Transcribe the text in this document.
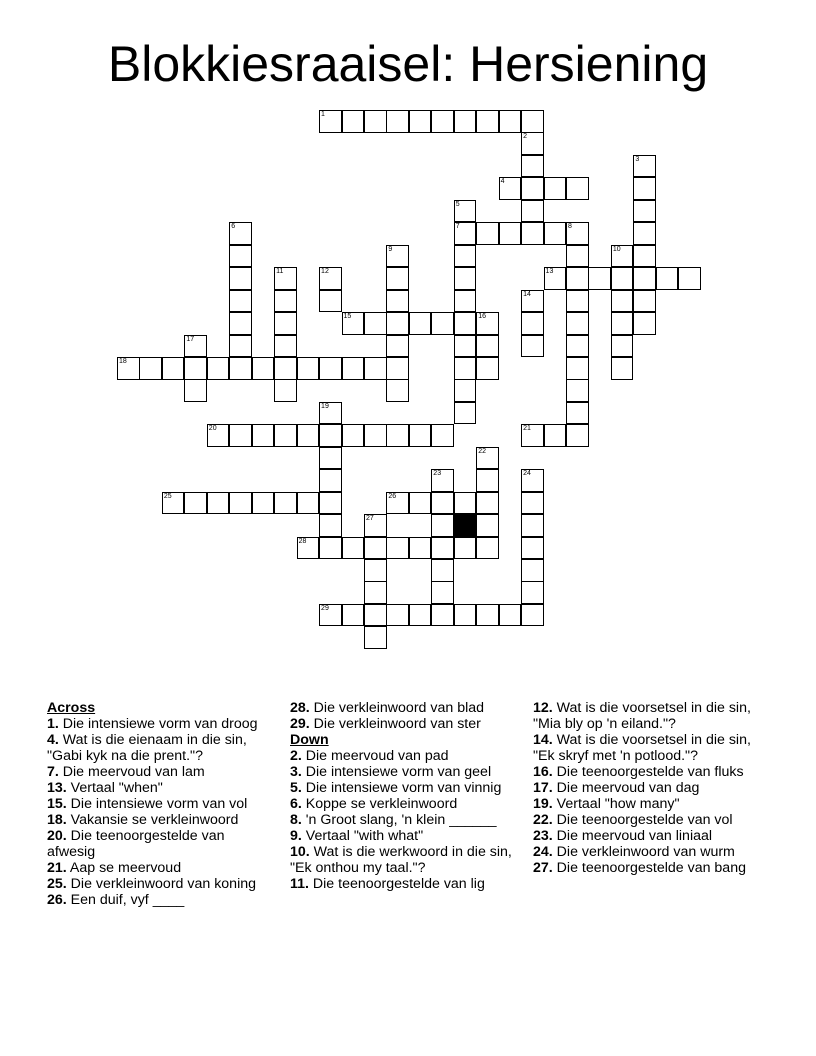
Blokkiesraaisel: Hersiening
1
2
3
4
5
7
6	8
9	10
11	12	13
14
15	16
17
18
19
20	21
22
23	24
25	26
27
28
29
Across
1. Die intensiewe vorm van droog
4. Wat is die eienaam in die sin, "Gabi kyk na die prent."?
7. Die meervoud van lam
13. Vertaal "when"
15. Die intensiewe vorm van vol
18. Vakansie se verkleinwoord
20. Die teenoorgestelde van afwesig
21. Aap se meervoud
25. Die verkleinwoord van koning
26. Een duif, vyf ____
28. Die verkleinwoord van blad
29. Die verkleinwoord van ster
Down
2. Die meervoud van pad
3. Die intensiewe vorm van geel
5. Die intensiewe vorm van vinnig
6. Koppe se verkleinwoord
8. 'n Groot slang, 'n klein ______
9. Vertaal "with what"
10. Wat is die werkwoord in die sin, "Ek onthou my taal."?
11. Die teenoorgestelde van lig
12. Wat is die voorsetsel in die sin, "Mia bly op 'n eiland."?
14. Wat is die voorsetsel in die sin, "Ek skryf met 'n potlood."?
16. Die teenoorgestelde van fluks
17. Die meervoud van dag
19. Vertaal "how many"
22. Die teenoorgestelde van vol
23. Die meervoud van liniaal
24. Die verkleinwoord van wurm
27. Die teenoorgestelde van bang
